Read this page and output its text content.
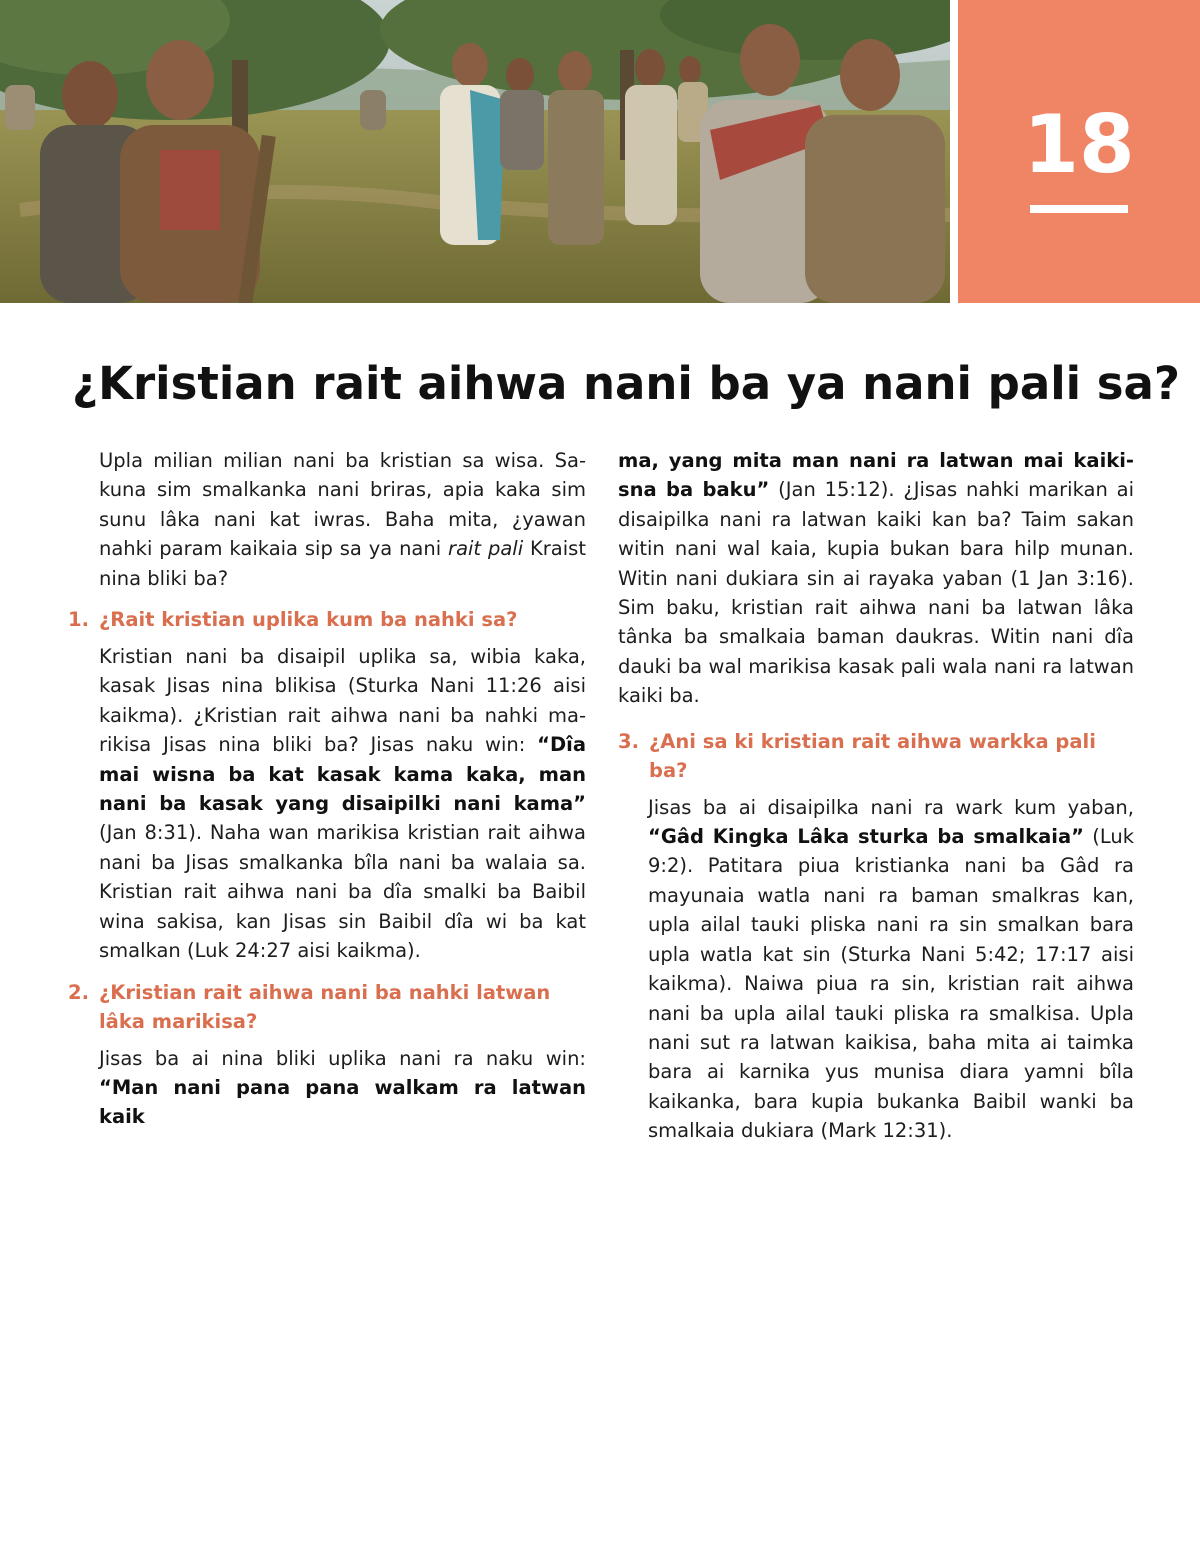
18
¿Kristian rait aihwa nani ba ya nani pali sa?

Upla milian milian nani ba kristian sa wisa. Sakuna sim smalkanka nani briras, apia kaka sim sunu lâka nani kat iwras. Baha mita, ¿yawan nahki param kaikaia sip sa ya nani rait pali Kraist nina bliki ba?

1. ¿Rait kristian uplika kum ba nahki sa?

Kristian nani ba disaipil uplika sa, wibia kaka, kasak Jisas nina blikisa (Sturka Nani 11:26 aisi kaikma). ¿Kristian rait aihwa nani ba nahki marikisa Jisas nina bliki ba? Jisas naku win: “Dîa mai wisna ba kat kasak kama kaka, man nani ba kasak yang disaipilki nani kama” (Jan 8:31). Naha wan marikisa kristian rait aihwa nani ba Jisas smalkanka bîla nani ba walaia sa. Kristian rait aihwa nani ba dîa smalki ba Baibil wina sakisa, kan Jisas sin Baibil dîa wi ba kat smalkan (Luk 24:27 aisi kaikma).

2. ¿Kristian rait aihwa nani ba nahki latwan lâka marikisa?

Jisas ba ai nina bliki uplika nani ra naku win: “Man nani pana pana walkam ra latwan kaik

ma, yang mita man nani ra latwan mai kaikisna ba baku” (Jan 15:12). ¿Jisas nahki marikan ai disaipilka nani ra latwan kaiki kan ba? Taim sakan witin nani wal kaia, kupia bukan bara hilp munan. Witin nani dukiara sin ai rayaka yaban (1 Jan 3:16). Sim baku, kristian rait aihwa nani ba latwan lâka tânka ba smalkaia baman daukras. Witin nani dîa dauki ba wal marikisa kasak pali wala nani ra latwan kaiki ba.

3. ¿Ani sa ki kristian rait aihwa warkka pali ba?

Jisas ba ai disaipilka nani ra wark kum yaban, “Gâd Kingka Lâka sturka ba smalkaia” (Luk 9:2). Patitara piua kristianka nani ba Gâd ra mayunaia watla nani ra baman smalkras kan, upla ailal tauki pliska nani ra sin smalkan bara upla watla kat sin (Sturka Nani 5:42; 17:17 aisi kaikma). Naiwa piua ra sin, kristian rait aihwa nani ba upla ailal tauki pliska ra smalkisa. Upla nani sut ra latwan kaikisa, baha mita ai taimka bara ai karnika yus munisa diara yamni bîla kaikanka, bara kupia bukanka Baibil wanki ba smalkaia dukiara (Mark 12:31).
